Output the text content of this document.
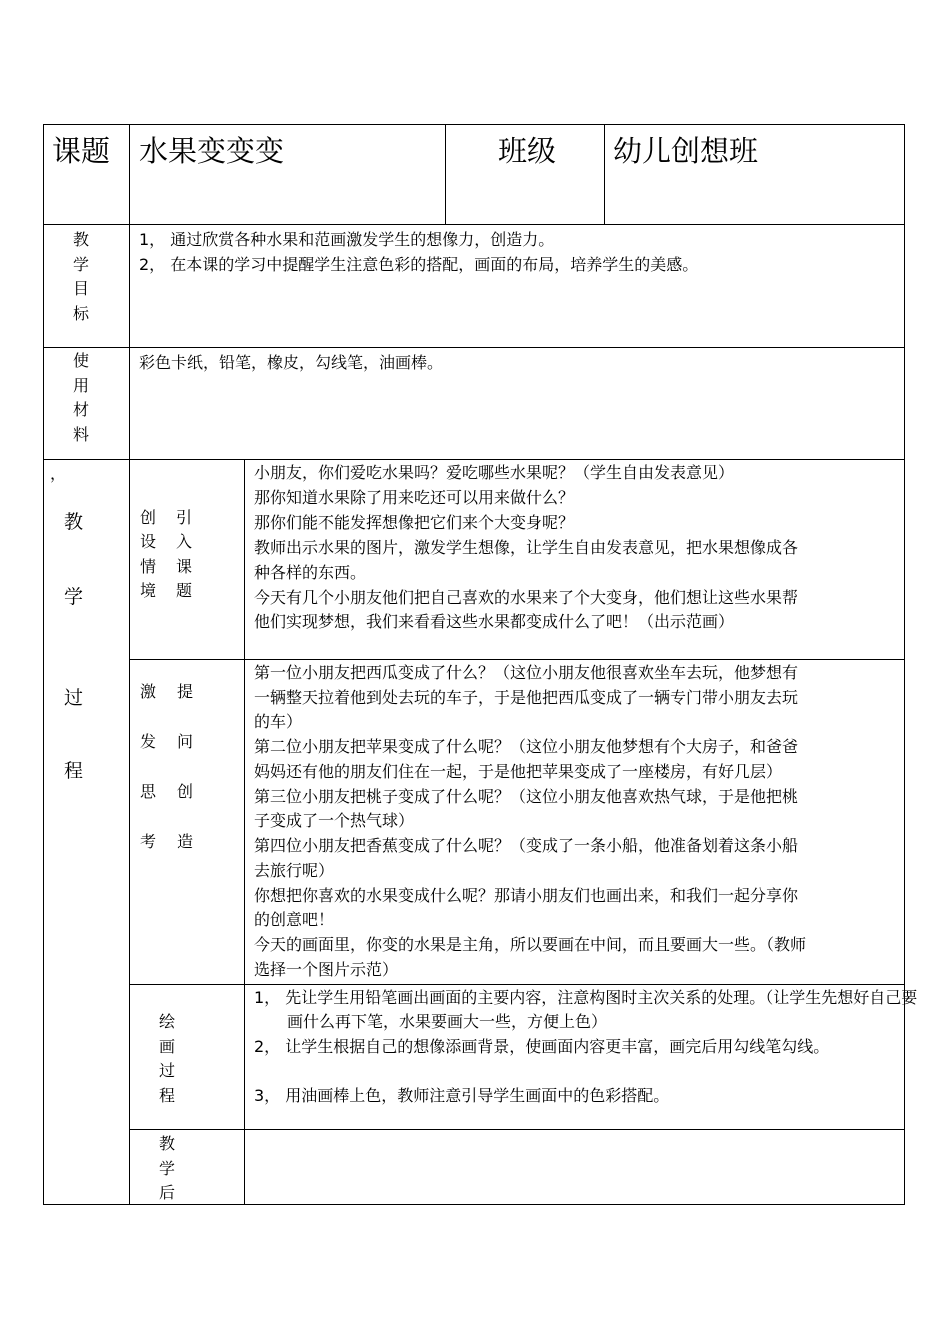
课题 水果变变变	班级 幼儿创想班
教
学
目
标
1， 通过欣赏各种水果和范画激发学生的想像力，创造力。
2， 在本课的学习中提醒学生注意色彩的搭配，画面的布局，培养学生的美感。
使
用
材
料
彩色卡纸，铅笔，橡皮，勾线笔，油画棒。
，
教
学
过
程
创 引
设 入
情 课
境 题
小朋友，你们爱吃水果吗？爱吃哪些水果呢？（学生自由发表意见）
那你知道水果除了用来吃还可以用来做什么？
那你们能不能发挥想像把它们来个大变身呢？
教师出示水果的图片，激发学生想像，让学生自由发表意见，把水果想像成各
种各样的东西。
今天有几个小朋友他们把自己喜欢的水果来了个大变身，他们想让这些水果帮
他们实现梦想，我们来看看这些水果都变成什么了吧！（出示范画）
激 提
发 问
思 创
考 造
第一位小朋友把西瓜变成了什么？（这位小朋友他很喜欢坐车去玩，他梦想有
一辆整天拉着他到处去玩的车子，于是他把西瓜变成了一辆专门带小朋友去玩
的车）
第二位小朋友把苹果变成了什么呢？（这位小朋友他梦想有个大房子，和爸爸
妈妈还有他的朋友们住在一起，于是他把苹果变成了一座楼房，有好几层）
第三位小朋友把桃子变成了什么呢？（这位小朋友他喜欢热气球，于是他把桃
子变成了一个热气球）
第四位小朋友把香蕉变成了什么呢？（变成了一条小船，他准备划着这条小船
去旅行呢）
你想把你喜欢的水果变成什么呢？那请小朋友们也画出来，和我们一起分享你
的创意吧！
今天的画面里，你变的水果是主角，所以要画在中间，而且要画大一些。（教师
选择一个图片示范）
绘
画
过
程
1， 先让学生用铅笔画出画面的主要内容，注意构图时主次关系的处理。（让学生先想好自己要画什么再下笔，水果要画大一些，方便上色）
2， 让学生根据自己的想像添画背景，使画面内容更丰富，画完后用勾线笔勾线。
3， 用油画棒上色，教师注意引导学生画面中的色彩搭配。
教
学
后
